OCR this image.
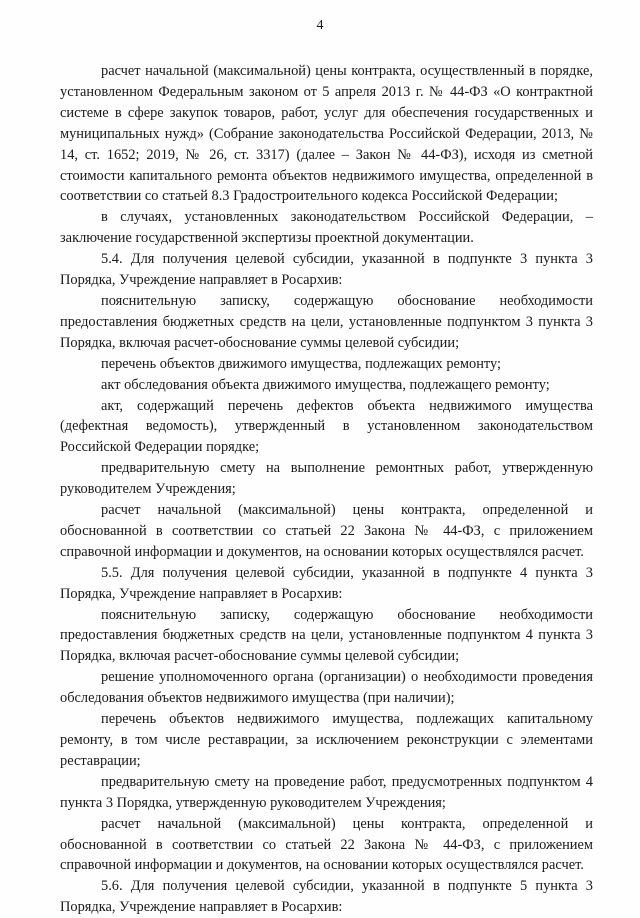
4

расчет начальной (максимальной) цены контракта, осуществленный в порядке, установленном Федеральным законом от 5 апреля 2013 г. № 44-ФЗ «О контрактной системе в сфере закупок товаров, работ, услуг для обеспечения государственных и муниципальных нужд» (Собрание законодательства Российской Федерации, 2013, № 14, ст. 1652; 2019, № 26, ст. 3317) (далее – Закон № 44-ФЗ), исходя из сметной стоимости капитального ремонта объектов недвижимого имущества, определенной в соответствии со статьей 8.3 Градостроительного кодекса Российской Федерации;

в случаях, установленных законодательством Российской Федерации, – заключение государственной экспертизы проектной документации.

5.4. Для получения целевой субсидии, указанной в подпункте 3 пункта 3 Порядка, Учреждение направляет в Росархив:

пояснительную записку, содержащую обоснование необходимости предоставления бюджетных средств на цели, установленные подпунктом 3 пункта 3 Порядка, включая расчет-обоснование суммы целевой субсидии;

перечень объектов движимого имущества, подлежащих ремонту;

акт обследования объекта движимого имущества, подлежащего ремонту;

акт, содержащий перечень дефектов объекта недвижимого имущества (дефектная ведомость), утвержденный в установленном законодательством Российской Федерации порядке;

предварительную смету на выполнение ремонтных работ, утвержденную руководителем Учреждения;

расчет начальной (максимальной) цены контракта, определенной и обоснованной в соответствии со статьей 22 Закона № 44-ФЗ, с приложением справочной информации и документов, на основании которых осуществлялся расчет.

5.5. Для получения целевой субсидии, указанной в подпункте 4 пункта 3 Порядка, Учреждение направляет в Росархив:

пояснительную записку, содержащую обоснование необходимости предоставления бюджетных средств на цели, установленные подпунктом 4 пункта 3 Порядка, включая расчет-обоснование суммы целевой субсидии;

решение уполномоченного органа (организации) о необходимости проведения обследования объектов недвижимого имущества (при наличии);

перечень объектов недвижимого имущества, подлежащих капитальному ремонту, в том числе реставрации, за исключением реконструкции с элементами реставрации;

предварительную смету на проведение работ, предусмотренных подпунктом 4 пункта 3 Порядка, утвержденную руководителем Учреждения;

расчет начальной (максимальной) цены контракта, определенной и обоснованной в соответствии со статьей 22 Закона № 44-ФЗ, с приложением справочной информации и документов, на основании которых осуществлялся расчет.

5.6. Для получения целевой субсидии, указанной в подпункте 5 пункта 3 Порядка, Учреждение направляет в Росархив:
